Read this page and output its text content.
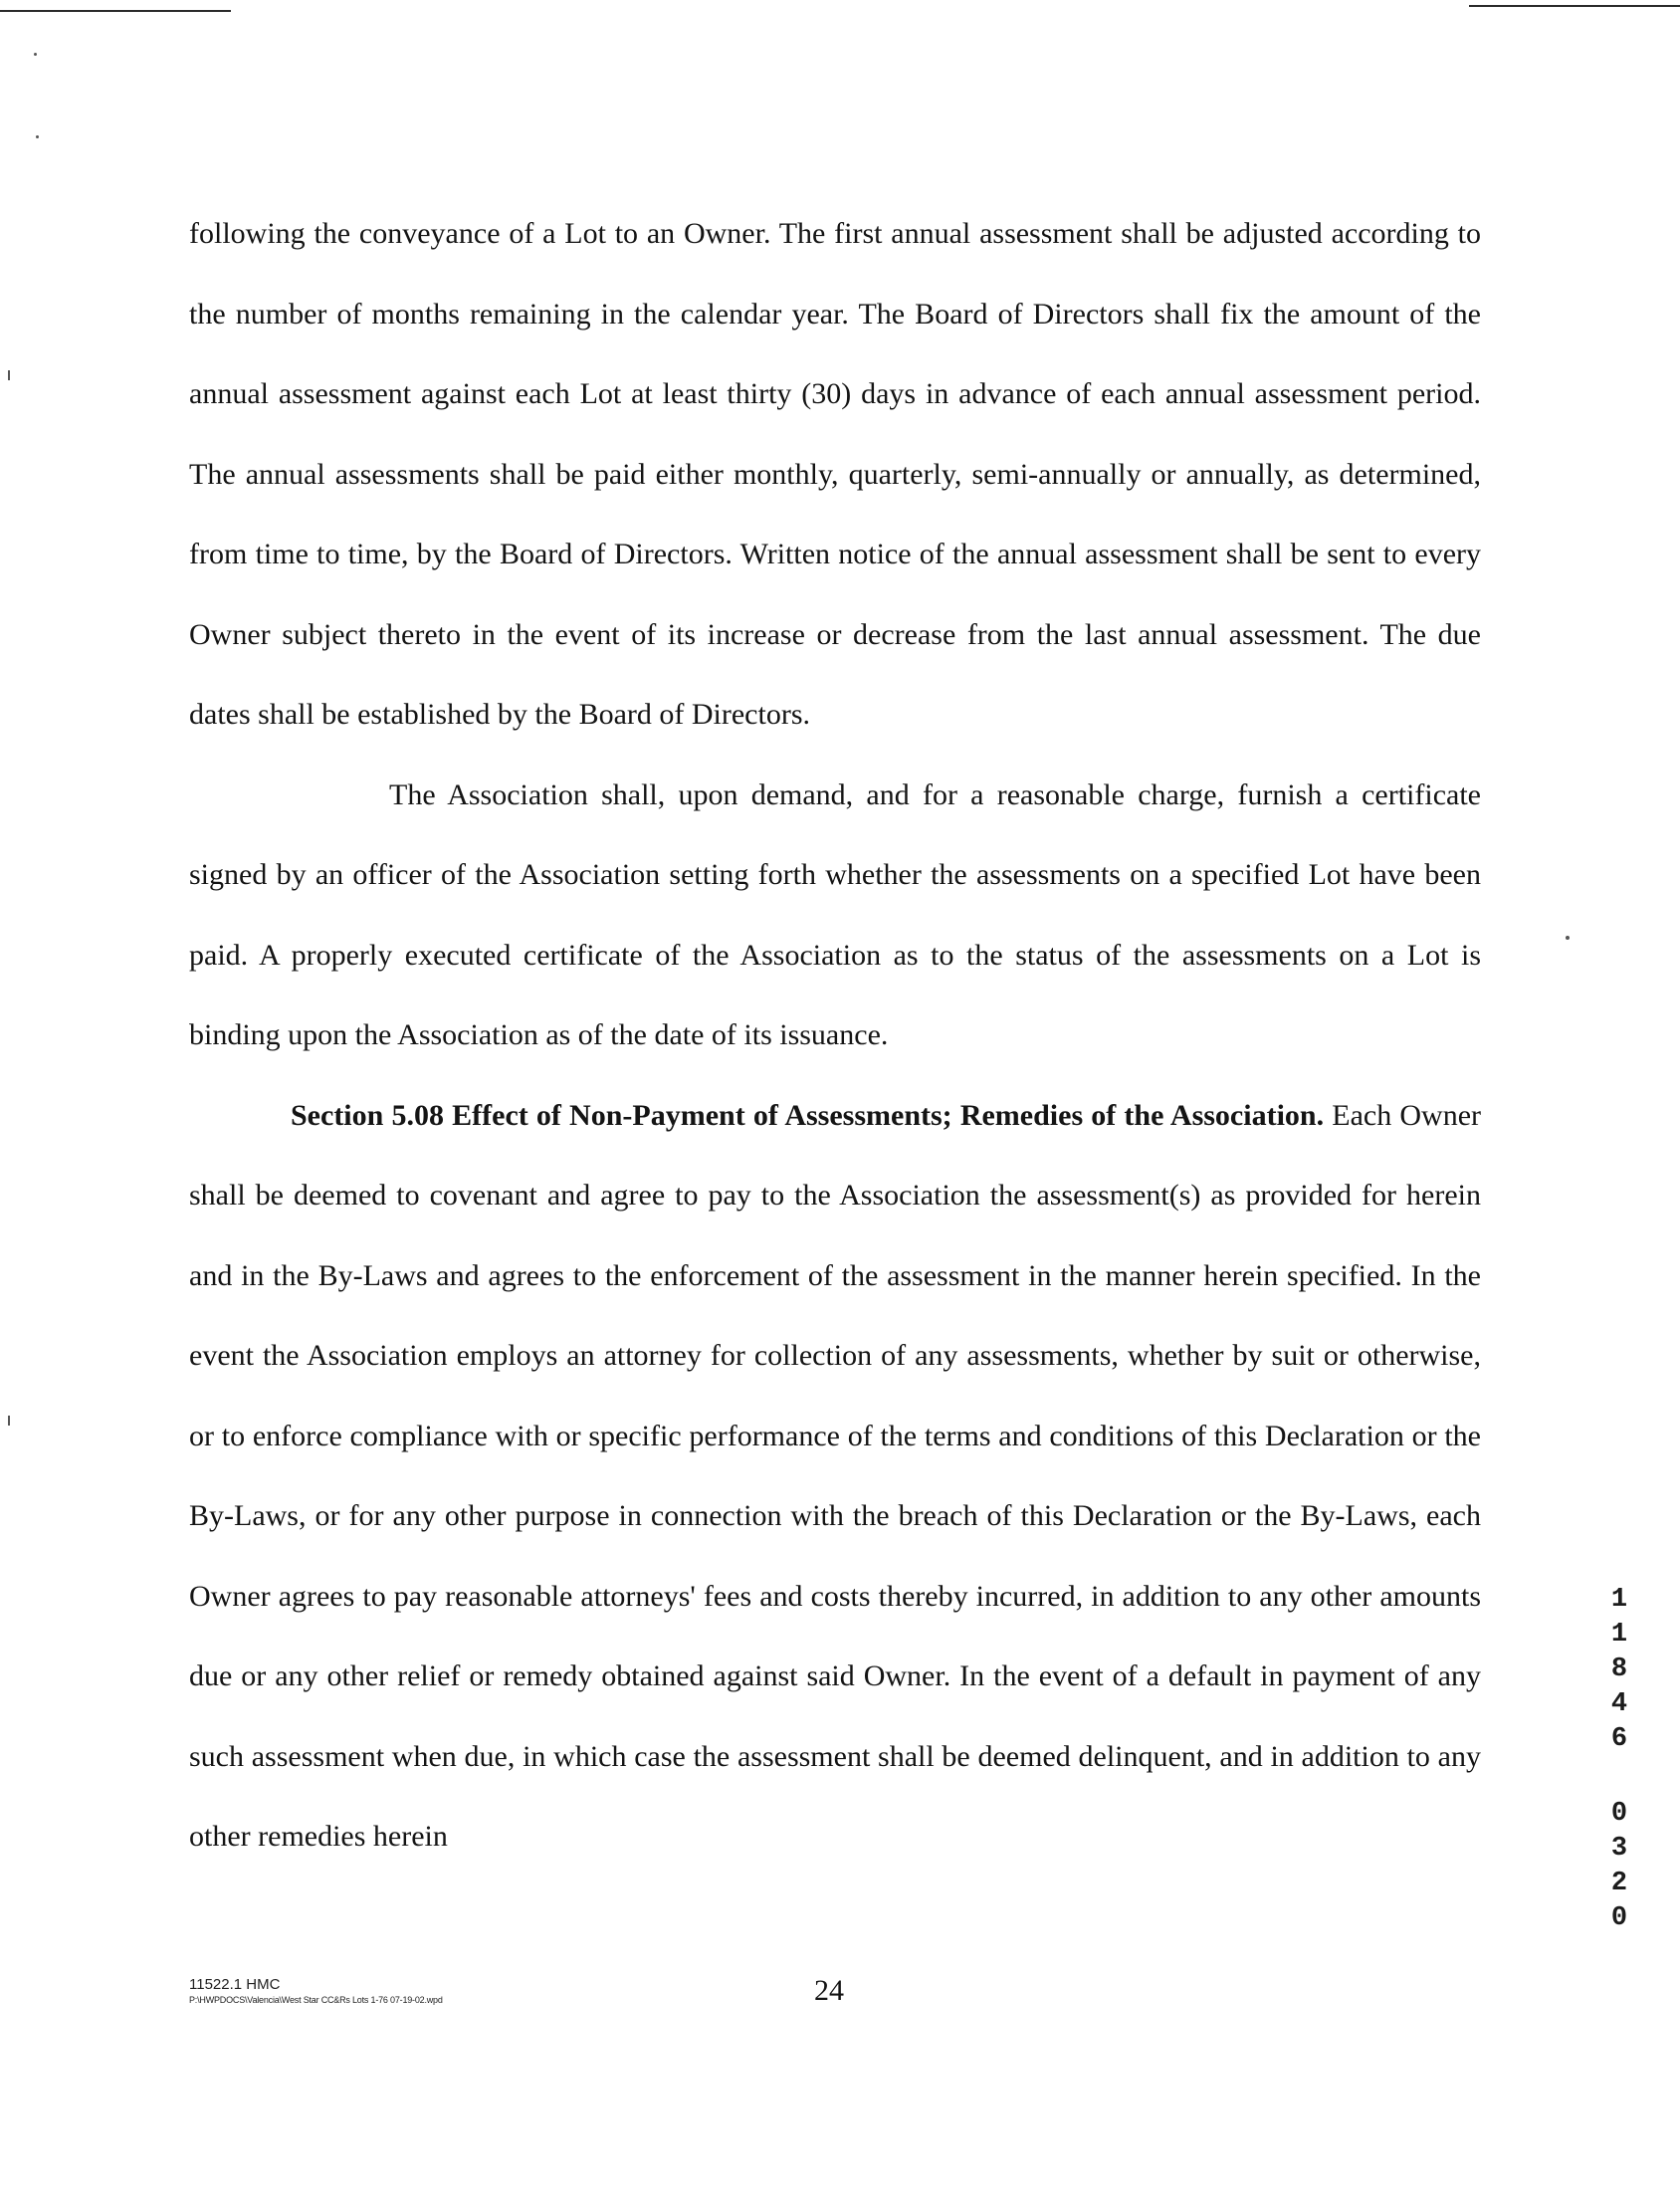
following the conveyance of a Lot to an Owner. The first annual assessment shall be adjusted according to the number of months remaining in the calendar year. The Board of Directors shall fix the amount of the annual assessment against each Lot at least thirty (30) days in advance of each annual assessment period. The annual assessments shall be paid either monthly, quarterly, semi-annually or annually, as determined, from time to time, by the Board of Directors. Written notice of the annual assessment shall be sent to every Owner subject thereto in the event of its increase or decrease from the last annual assessment. The due dates shall be established by the Board of Directors.

The Association shall, upon demand, and for a reasonable charge, furnish a certificate signed by an officer of the Association setting forth whether the assessments on a specified Lot have been paid. A properly executed certificate of the Association as to the status of the assessments on a Lot is binding upon the Association as of the date of its issuance.

Section 5.08 Effect of Non-Payment of Assessments; Remedies of the Association. Each Owner shall be deemed to covenant and agree to pay to the Association the assessment(s) as provided for herein and in the By-Laws and agrees to the enforcement of the assessment in the manner herein specified. In the event the Association employs an attorney for collection of any assessments, whether by suit or otherwise, or to enforce compliance with or specific performance of the terms and conditions of this Declaration or the By-Laws, or for any other purpose in connection with the breach of this Declaration or the By-Laws, each Owner agrees to pay reasonable attorneys' fees and costs thereby incurred, in addition to any other amounts due or any other relief or remedy obtained against said Owner. In the event of a default in payment of any such assessment when due, in which case the assessment shall be deemed delinquent, and in addition to any other remedies herein

11522.1 HMC
P:\HWPDOCS\Valencia\West Star CC&Rs Lots 1-76 07-19-02.wpd	24
1
1
8
4
6
0
3
2
0
